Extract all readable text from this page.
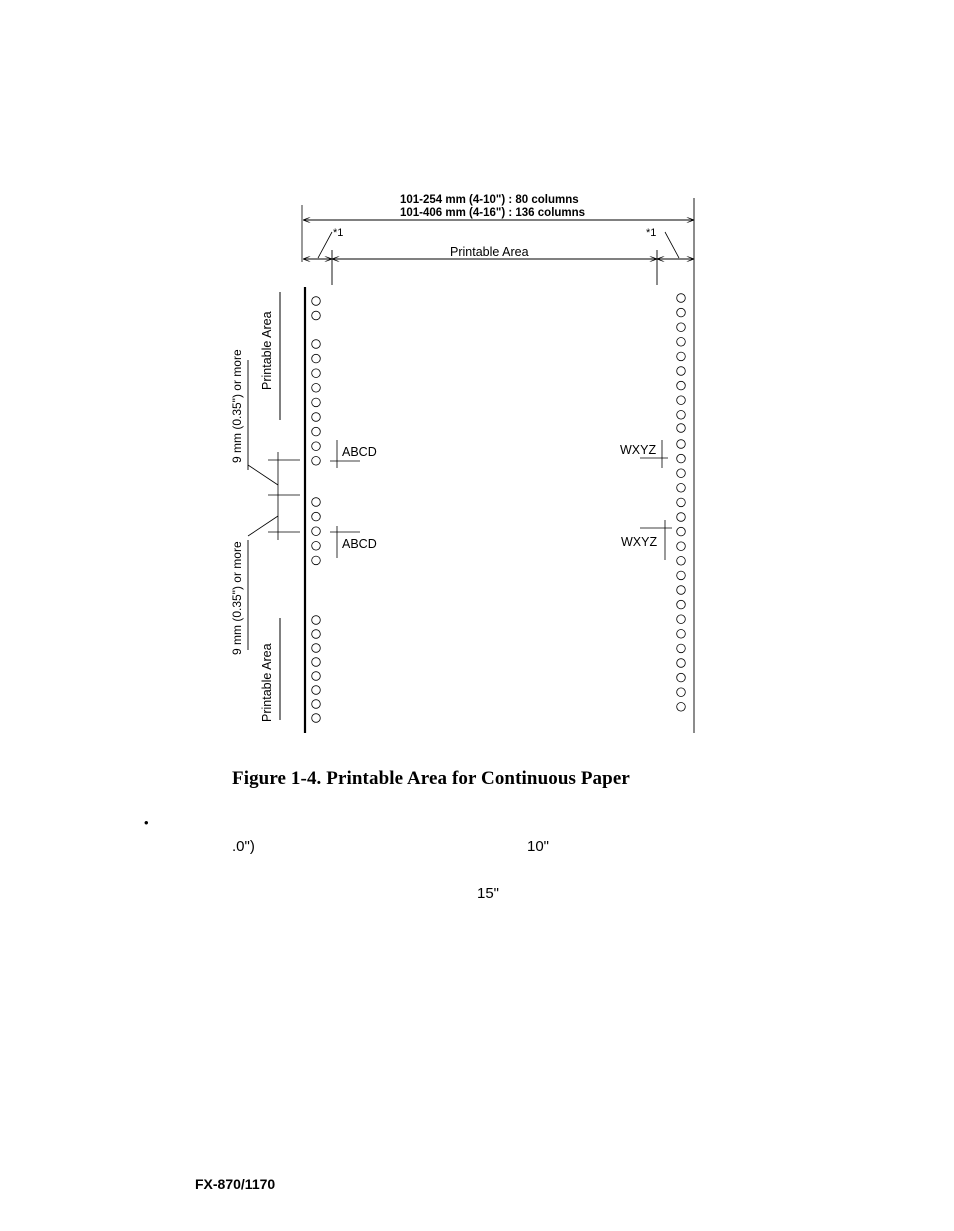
101-254 mm (4-10") : 80 columns
101-406 mm (4-16") : 136 columns
*1	*1
Printable Area
ABCD	WXYZ
ABCD	WXYZ
Printable Area
9 mm (0.35") or more
9 mm (0.35") or more
Printable Area
Figure 1-4. Printable Area for Continuous Paper
•
.0")	10"
15"
FX-870/1170
